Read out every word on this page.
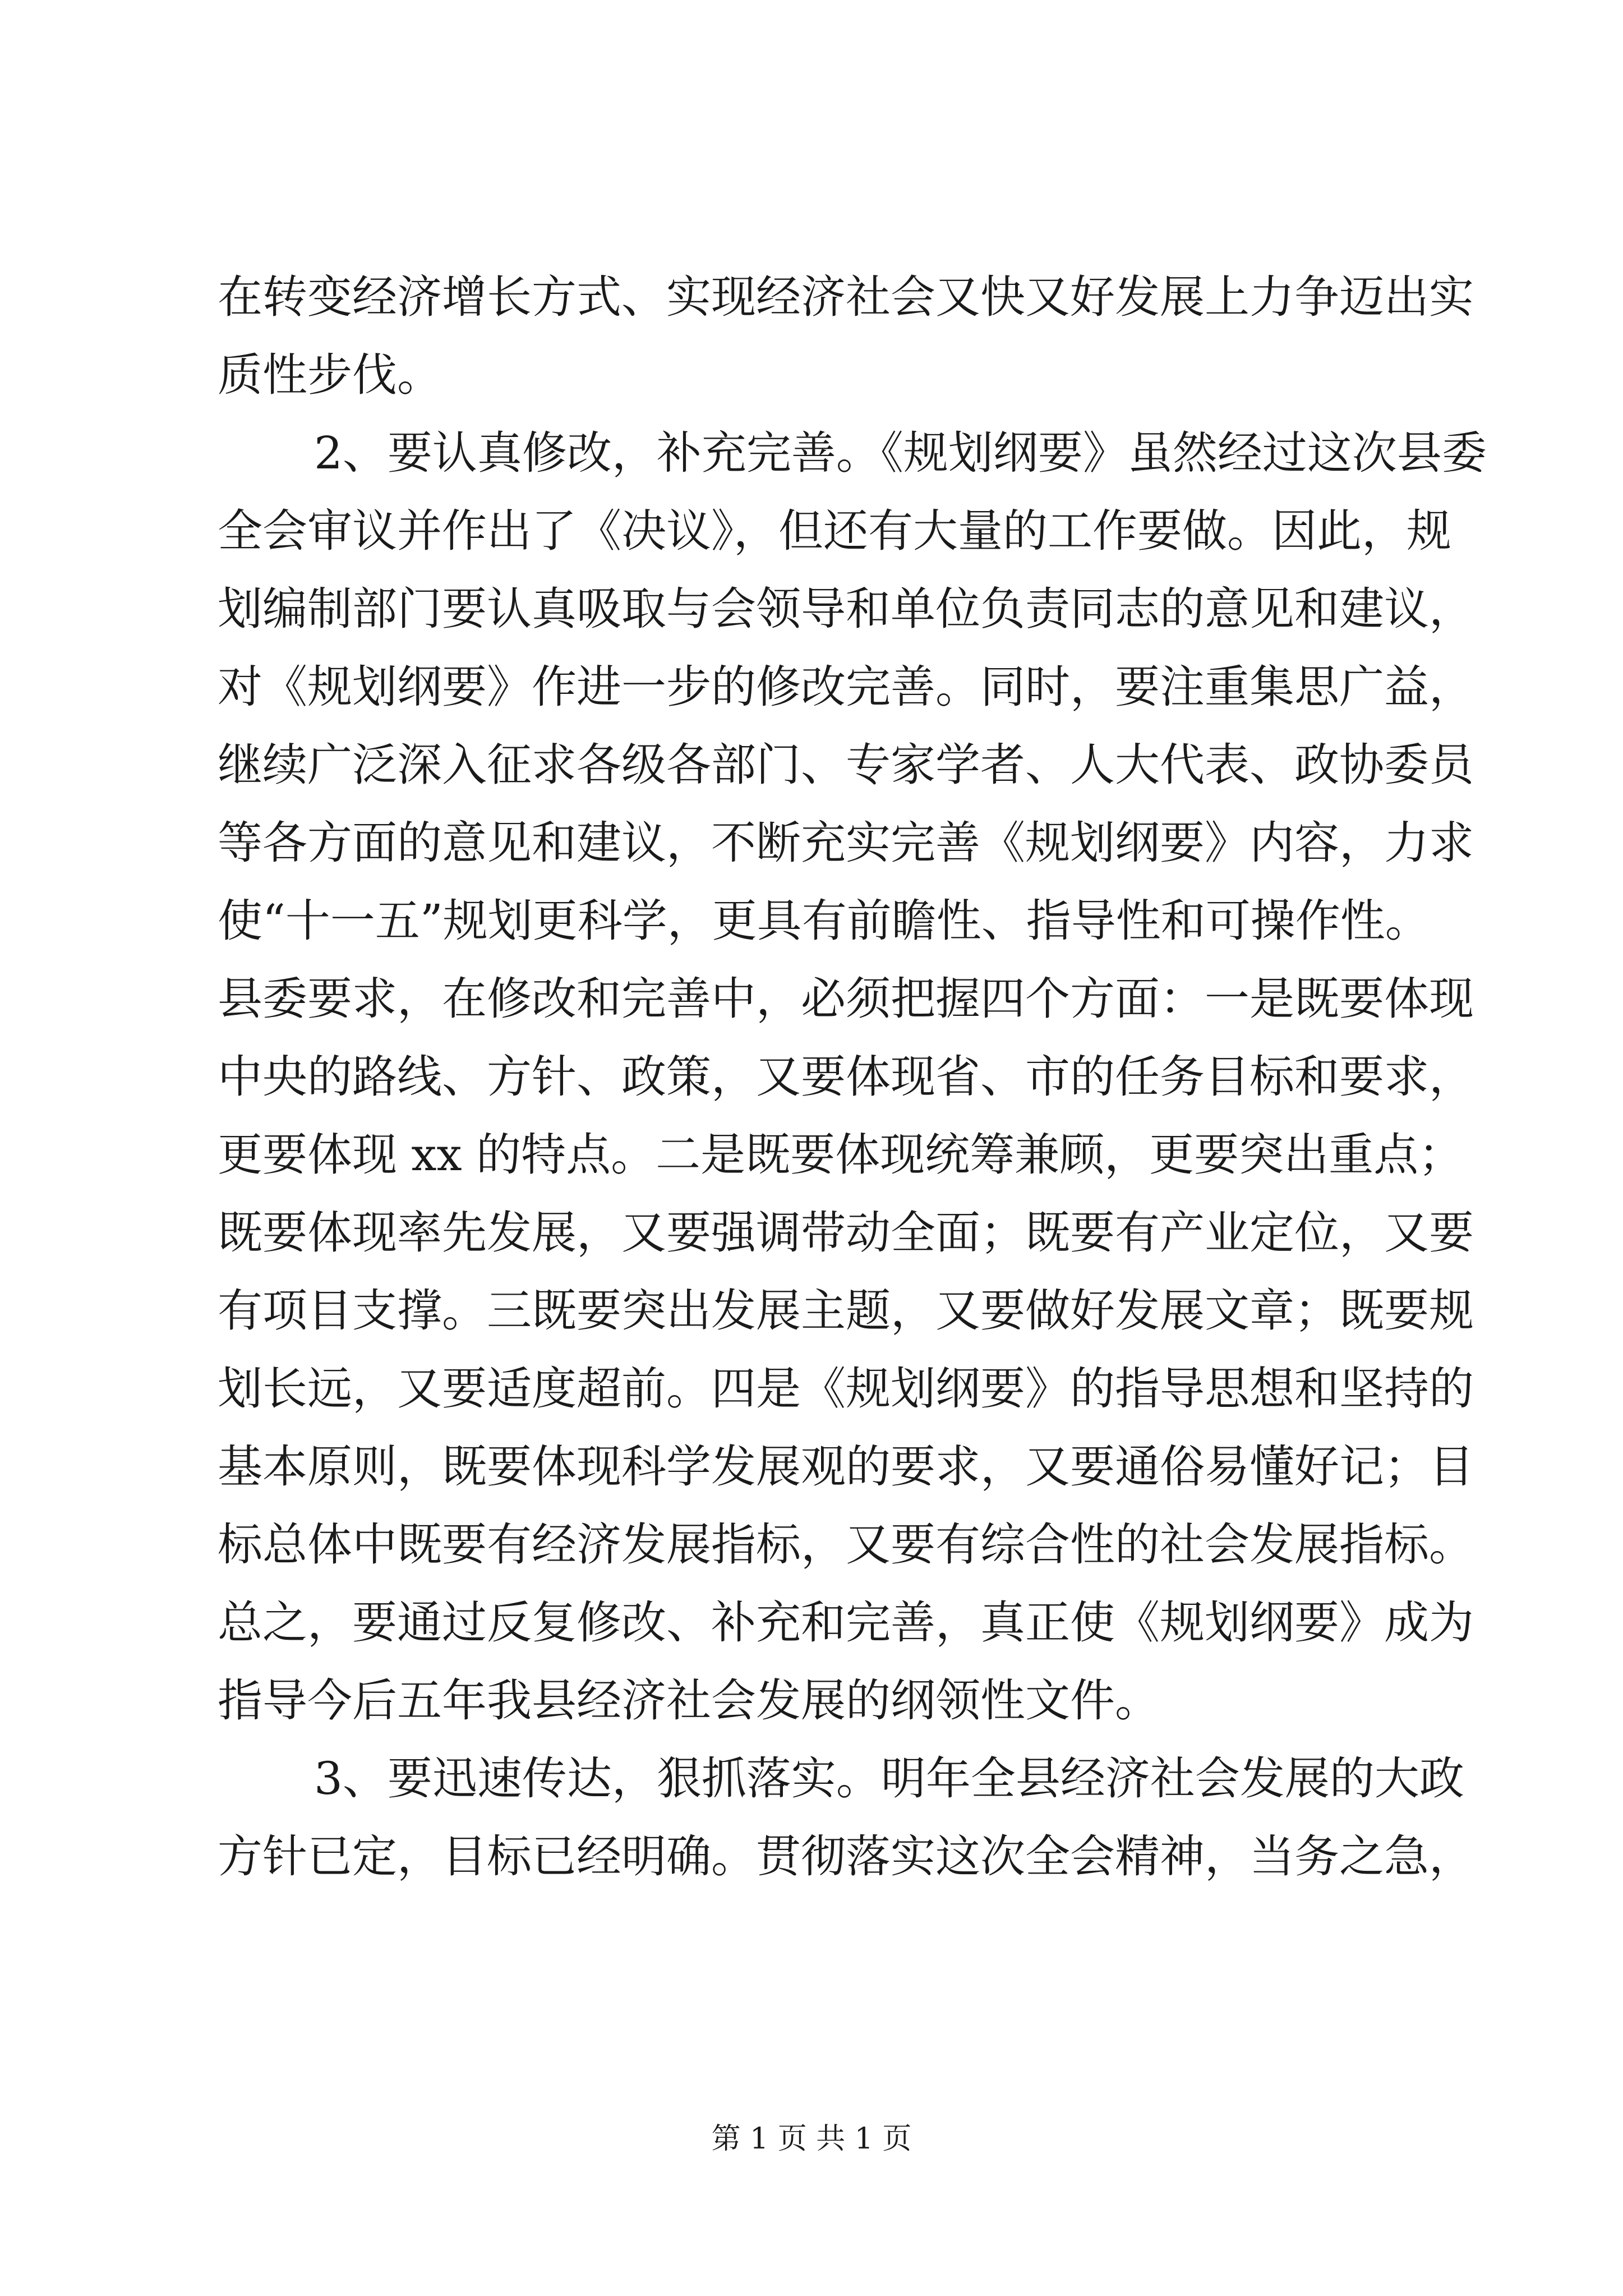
在转变经济增长方式、实现经济社会又快又好发展上力争迈出实
质性步伐。
2、要认真修改，补充完善。《规划纲要》虽然经过这次县委
全会审议并作出了《决议》，但还有大量的工作要做。因此，规
划编制部门要认真吸取与会领导和单位负责同志的意见和建议，
对《规划纲要》作进一步的修改完善。同时，要注重集思广益，
继续广泛深入征求各级各部门、专家学者、人大代表、政协委员
等各方面的意见和建议，不断充实完善《规划纲要》内容，力求
使“十一五”规划更科学，更具有前瞻性、指导性和可操作性。
县委要求，在修改和完善中，必须把握四个方面：一是既要体现
中央的路线、方针、政策，又要体现省、市的任务目标和要求，
更要体现 xx 的特点。二是既要体现统筹兼顾，更要突出重点；
既要体现率先发展，又要强调带动全面；既要有产业定位，又要
有项目支撑。三既要突出发展主题，又要做好发展文章；既要规
划长远，又要适度超前。四是《规划纲要》的指导思想和坚持的
基本原则，既要体现科学发展观的要求，又要通俗易懂好记；目
标总体中既要有经济发展指标，又要有综合性的社会发展指标。
总之，要通过反复修改、补充和完善，真正使《规划纲要》成为
指导今后五年我县经济社会发展的纲领性文件。
3、要迅速传达，狠抓落实。明年全县经济社会发展的大政
方针已定，目标已经明确。贯彻落实这次全会精神，当务之急，
第 1 页 共 1 页
